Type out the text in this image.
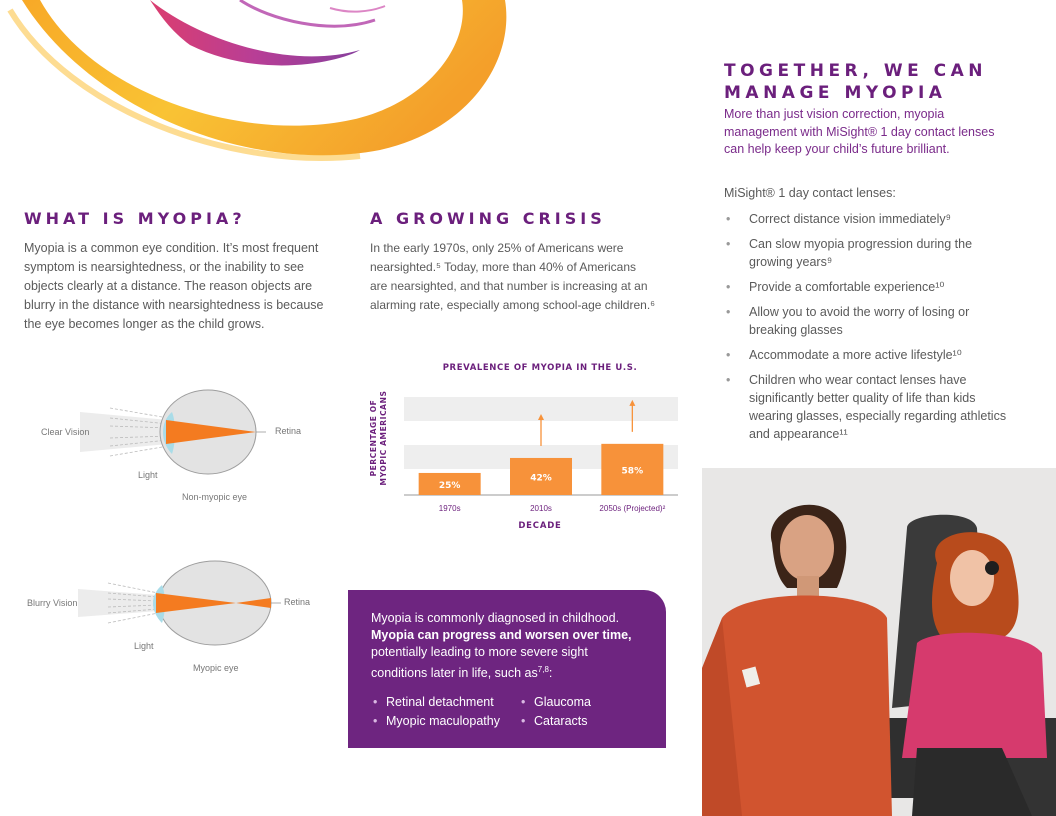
WHAT IS MYOPIA?
Myopia is a common eye condition. It’s most frequent
symptom is nearsightedness, or the inability to see
objects clearly at a distance. The reason objects are
blurry in the distance with nearsightedness is because
the eye becomes longer as the child grows.
Clear Vision	Retina
Light
Non-myopic eye
Blurry Vision	Retina
Light
Myopic eye
A GROWING CRISIS
In the early 1970s, only 25% of Americans were
nearsighted.⁵ Today, more than 40% of Americans
are nearsighted, and that number is increasing at an
alarming rate, especially among school-age children.⁶
PREVALENCE OF MYOPIA IN THE U.S.
PERCENTAGE OF MYOPIC AMERICANS
25%
1970s
42%
2010s
58%
2050s (Projected)²
DECADE
Myopia is commonly diagnosed in childhood.
Myopia can progress and worsen over time, potentially leading to more severe sight conditions later in life, such as$^{7,8}$:
• Retinal detachment	• Glaucoma
• Myopic maculopathy	• Cataracts
TOGETHER, WE CAN
MANAGE MYOPIA
More than just vision correction, myopia
management with MiSight® 1 day contact lenses
can help keep your child’s future brilliant.
MiSight® 1 day contact lenses:
• Correct distance vision immediately⁹
• Can slow myopia progression during the growing years⁹
• Provide a comfortable experience¹⁰
• Allow you to avoid the worry of losing or breaking glasses
• Accommodate a more active lifestyle¹⁰
• Children who wear contact lenses have significantly better quality of life than kids wearing glasses, especially regarding athletics and appearance¹¹
